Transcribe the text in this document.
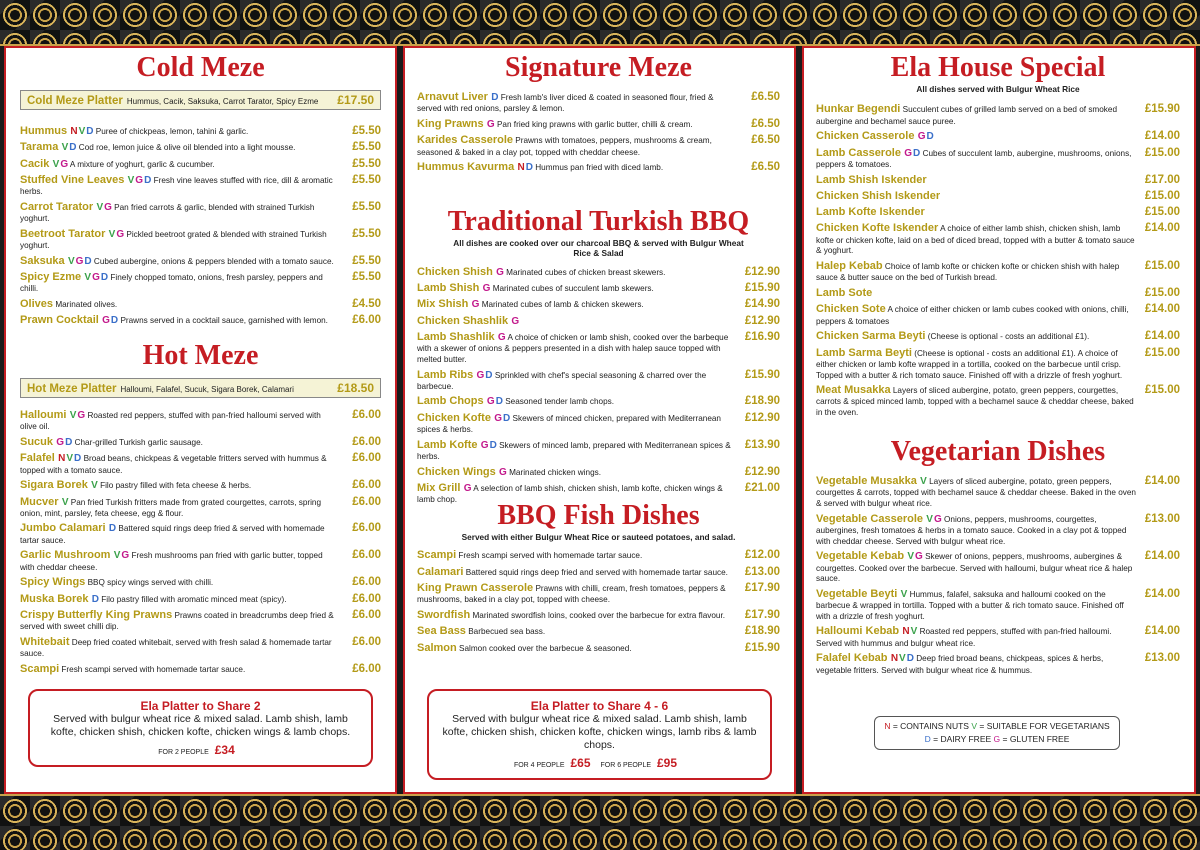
Cold Meze
Cold Meze Platter Hummus, Cacik, Saksuka, Carrot Tarator, Spicy Ezme £17.50
Hummus NVD Puree of chickpeas, lemon, tahini & garlic.	£5.50
Tarama VD Cod roe, lemon juice & olive oil blended into a light mousse.	£5.50
Cacik VG A mixture of yoghurt, garlic & cucumber.	£5.50
Stuffed Vine Leaves VGD Fresh vine leaves stuffed with rice, dill & aromatic herbs.
£5.50
Carrot Tarator VG Pan fried carrots & garlic, blended with strained Turkish yoghurt.
£5.50
Beetroot Tarator VG Pickled beetroot grated & blended with strained Turkish yoghurt.
£5.50
Saksuka VGD Cubed aubergine, onions & peppers blended with a tomato sauce. £5.50
Spicy Ezme VGD Finely chopped tomato, onions, fresh parsley, peppers and chilli.
£5.50
Olives Marinated olives.	£4.50
Prawn Cocktail GD Prawns served in a cocktail sauce, garnished with lemon. £6.00
Hot Meze
Hot Meze Platter Halloumi, Falafel, Sucuk, Sigara Borek, Calamari	£18.50
Halloumi VG Roasted red peppers, stuffed with pan-fried halloumi served with olive oil.
£6.00
Sucuk GD Char-grilled Turkish garlic sausage.	£6.00
Falafel NVD Broad beans, chickpeas & vegetable fritters served with hummus & topped with a tomato sauce.
£6.00
Sigara Borek V Filo pastry filled with feta cheese & herbs.	£6.00
Mucver V Pan fried Turkish fritters made from grated courgettes, carrots, spring onion, mint, parsley, feta cheese, egg & flour.
£6.00
Jumbo Calamari D Battered squid rings deep fried & served with homemade tartar sauce.
£6.00
Garlic Mushroom VG Fresh mushrooms pan fried with garlic butter, topped with cheddar cheese.
£6.00
Spicy Wings BBQ spicy wings served with chilli.	£6.00
Muska Borek D Filo pastry filled with aromatic minced meat (spicy).	£6.00
Crispy Butterfly King Prawns Prawns coated in breadcrumbs deep fried & served with sweet chilli dip.
£6.00
Whitebait Deep fried coated whitebait, served with fresh salad & homemade tartar sauce.
£6.00
Scampi Fresh scampi served with homemade tartar sauce.	£6.00
Ela Platter to Share 2
Served with bulgur wheat rice & mixed salad. Lamb shish, lamb kofte, chicken shish, chicken kofte, chicken wings & lamb chops.
FOR 2 PEOPLE £34
Signature Meze
Arnavut Liver D Fresh lamb's liver diced & coated in seasoned flour, fried & served with red onions, parsley & lemon.
£6.50
King Prawns G Pan fried king prawns with garlic butter, chilli & cream.	£6.50
Karides Casserole Prawns with tomatoes, peppers, mushrooms & cream, seasoned & baked in a clay pot, topped with cheddar cheese.
£6.50
Hummus Kavurma ND Hummus pan fried with diced lamb.	£6.50
Traditional Turkish BBQ
All dishes are cooked over our charcoal BBQ & served with Bulgur Wheat Rice & Salad
Chicken Shish G Marinated cubes of chicken breast skewers.	£12.90
Lamb Shish G Marinated cubes of succulent lamb skewers.	£15.90
Mix Shish G Marinated cubes of lamb & chicken skewers.	£14.90
Chicken Shashlik G	£12.90
Lamb Shashlik G A choice of chicken or lamb shish, cooked over the barbeque with a skewer of onions & peppers presented in a dish with halep sauce topped with melted butter.
£16.90
Lamb Ribs GD Sprinkled with chef's special seasoning & charred over the barbecue.
£15.90
Lamb Chops GD Seasoned tender lamb chops.	£18.90
Chicken Kofte GD Skewers of minced chicken, prepared with Mediterranean spices & herbs.
£12.90
Lamb Kofte GD Skewers of minced lamb, prepared with Mediterranean spices & herbs.
£13.90
Chicken Wings G Marinated chicken wings.	£12.90
Mix Grill G A selection of lamb shish, chicken shish, lamb kofte, chicken wings & lamb chop.
£21.00
BBQ Fish Dishes
Served with either Bulgur Wheat Rice or sauteed potatoes, and salad.
Scampi Fresh scampi served with homemade tartar sauce.	£12.00
Calamari Battered squid rings deep fried and served with homemade tartar sauce. £13.00
King Prawn Casserole Prawns with chilli, cream, fresh tomatoes, peppers & mushrooms, baked in a clay pot, topped with cheese.
£17.90
Swordfish Marinated swordfish loins, cooked over the barbecue for extra flavour. £17.90
Sea Bass Barbecued sea bass.	£18.90
Salmon Salmon cooked over the barbecue & seasoned.	£15.90
Ela Platter to Share 4 - 6
Served with bulgur wheat rice & mixed salad. Lamb shish, lamb kofte, chicken shish, chicken kofte, chicken wings, lamb ribs & lamb chops.
FOR 4 PEOPLE £65 FOR 6 PEOPLE £95
Ela House Special
All dishes served with Bulgur Wheat Rice
Hunkar Begendi Succulent cubes of grilled lamb served on a bed of smoked aubergine and bechamel sauce puree.
£15.90
Chicken Casserole GD	£14.00
Lamb Casserole GD Cubes of succulent lamb, aubergine, mushrooms, onions, peppers & tomatoes.
£15.00
Lamb Shish Iskender	£17.00
Chicken Shish Iskender	£15.00
Lamb Kofte Iskender	£15.00
Chicken Kofte Iskender A choice of either lamb shish, chicken shish, lamb kofte or chicken kofte, laid on a bed of diced bread, topped with a butter & tomato sauce & yoghurt.
£14.00
Halep Kebab Choice of lamb kofte or chicken kofte or chicken shish with halep sauce & butter sauce on the bed of Turkish bread.
£15.00
Lamb Sote	£15.00
Chicken Sote A choice of either chicken or lamb cubes cooked with onions, chilli, peppers & tomatoes
£14.00
Chicken Sarma Beyti (Cheese is optional - costs an additional £1).	£14.00
Lamb Sarma Beyti (Cheese is optional - costs an additional £1). A choice of either chicken or lamb kofte wrapped in a tortilla, cooked on the barbecue until crisp. Topped with a butter & rich tomato sauce. Finished off with a drizzle of fresh yoghurt.
£15.00
Meat Musakka Layers of sliced aubergine, potato, green peppers, courgettes, carrots & spiced minced lamb, topped with a bechamel sauce & cheddar cheese, baked in the oven.
£15.00
Vegetarian Dishes
Vegetable Musakka V Layers of sliced aubergine, potato, green peppers, courgettes & carrots, topped with bechamel sauce & cheddar cheese. Baked in the oven & served with bulgur wheat rice.
£14.00
Vegetable Casserole VG Onions, peppers, mushrooms, courgettes, aubergines, fresh tomatoes & herbs in a tomato sauce. Cooked in a clay pot & topped with cheddar cheese. Served with bulgur wheat rice.
£13.00
Vegetable Kebab VG Skewer of onions, peppers, mushrooms, aubergines & courgettes. Cooked over the barbecue. Served with halloumi, bulgur wheat rice & halep sauce.
£14.00
Vegetable Beyti V Hummus, falafel, saksuka and halloumi cooked on the barbecue & wrapped in tortilla. Topped with a butter & rich tomato sauce. Finished off with a drizzle of fresh yoghurt.
£14.00
Halloumi Kebab NV Roasted red peppers, stuffed with pan-fried halloumi. Served with hummus and bulgur wheat rice.
£14.00
Falafel Kebab NVD Deep fried broad beans, chickpeas, spices & herbs, vegetable fritters. Served with bulgur wheat rice & hummus.
£13.00
N = CONTAINS NUTS V = SUITABLE FOR VEGETARIANS
D = DAIRY FREE G = GLUTEN FREE
